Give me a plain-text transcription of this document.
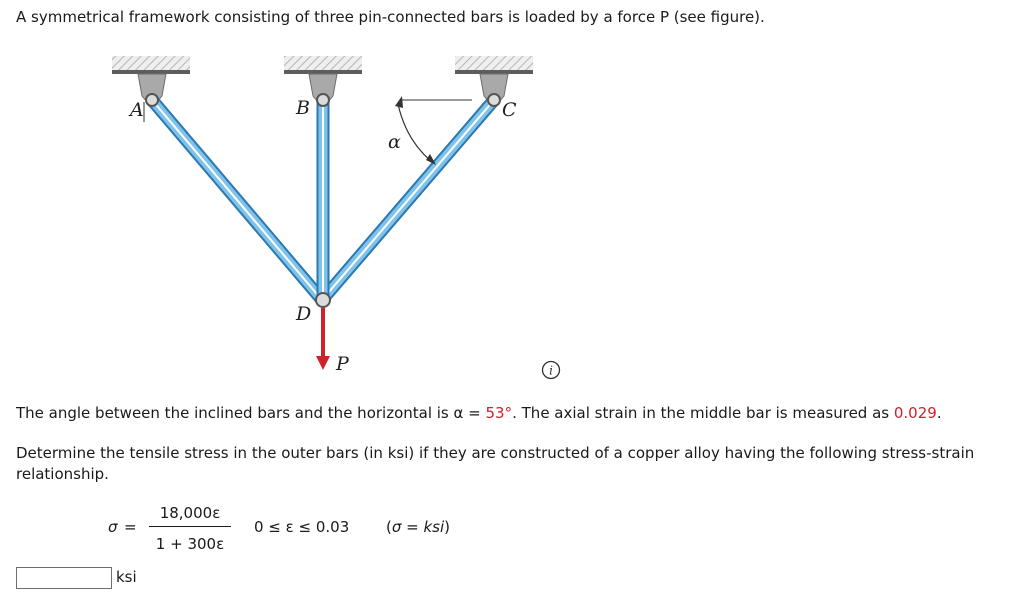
A symmetrical framework consisting of three pin-connected bars is loaded by a force P (see figure).
A	B	C
D
P
α
i
The angle between the inclined bars and the horizontal is α = 53°. The axial strain in the middle bar is measured as 0.029.
Determine the tensile stress in the outer bars (in ksi) if they are constructed of a copper alloy having the following stress-strain relationship.
σ =
18,000ε
1 + 300ε
0 ≤ ε ≤ 0.03 (σ = ksi)
ksi
